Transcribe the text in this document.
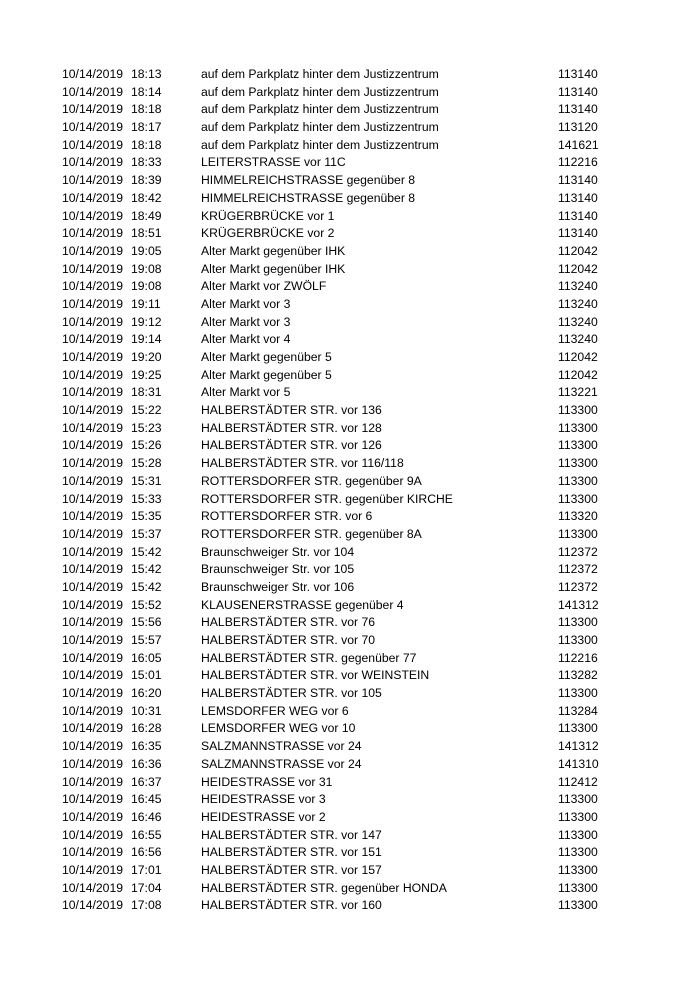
10/14/2019 18:13	auf dem Parkplatz hinter dem Justizzentrum	113140
10/14/2019 18:14	auf dem Parkplatz hinter dem Justizzentrum	113140
10/14/2019 18:18	auf dem Parkplatz hinter dem Justizzentrum	113140
10/14/2019 18:17	auf dem Parkplatz hinter dem Justizzentrum	113120
10/14/2019 18:18	auf dem Parkplatz hinter dem Justizzentrum	141621
10/14/2019 18:33	LEITERSTRASSE vor 11C	112216
10/14/2019 18:39	HIMMELREICHSTRASSE gegenüber 8	113140
10/14/2019 18:42	HIMMELREICHSTRASSE gegenüber 8	113140
10/14/2019 18:49	KRÜGERBRÜCKE vor 1	113140
10/14/2019 18:51	KRÜGERBRÜCKE vor 2	113140
10/14/2019 19:05	Alter Markt gegenüber IHK	112042
10/14/2019 19:08	Alter Markt gegenüber IHK	112042
10/14/2019 19:08	Alter Markt vor ZWÖLF	113240
10/14/2019 19:11	Alter Markt vor 3	113240
10/14/2019 19:12	Alter Markt vor 3	113240
10/14/2019 19:14	Alter Markt vor 4	113240
10/14/2019 19:20	Alter Markt gegenüber 5	112042
10/14/2019 19:25	Alter Markt gegenüber 5	112042
10/14/2019 18:31	Alter Markt vor 5	113221
10/14/2019 15:22	HALBERSTÄDTER STR. vor 136	113300
10/14/2019 15:23	HALBERSTÄDTER STR. vor 128	113300
10/14/2019 15:26	HALBERSTÄDTER STR. vor 126	113300
10/14/2019 15:28	HALBERSTÄDTER STR. vor 116/118	113300
10/14/2019 15:31	ROTTERSDORFER STR. gegenüber 9A	113300
10/14/2019 15:33	ROTTERSDORFER STR. gegenüber KIRCHE	113300
10/14/2019 15:35	ROTTERSDORFER STR. vor 6	113320
10/14/2019 15:37	ROTTERSDORFER STR. gegenüber 8A	113300
10/14/2019 15:42	Braunschweiger Str. vor 104	112372
10/14/2019 15:42	Braunschweiger Str. vor 105	112372
10/14/2019 15:42	Braunschweiger Str. vor 106	112372
10/14/2019 15:52	KLAUSENERSTRASSE gegenüber 4	141312
10/14/2019 15:56	HALBERSTÄDTER STR. vor 76	113300
10/14/2019 15:57	HALBERSTÄDTER STR. vor 70	113300
10/14/2019 16:05	HALBERSTÄDTER STR. gegenüber 77	112216
10/14/2019 15:01	HALBERSTÄDTER STR. vor WEINSTEIN	113282
10/14/2019 16:20	HALBERSTÄDTER STR. vor 105	113300
10/14/2019 10:31	LEMSDORFER WEG vor 6	113284
10/14/2019 16:28	LEMSDORFER WEG vor 10	113300
10/14/2019 16:35	SALZMANNSTRASSE vor 24	141312
10/14/2019 16:36	SALZMANNSTRASSE vor 24	141310
10/14/2019 16:37	HEIDESTRASSE vor 31	112412
10/14/2019 16:45	HEIDESTRASSE vor 3	113300
10/14/2019 16:46	HEIDESTRASSE vor 2	113300
10/14/2019 16:55	HALBERSTÄDTER STR. vor 147	113300
10/14/2019 16:56	HALBERSTÄDTER STR. vor 151	113300
10/14/2019 17:01	HALBERSTÄDTER STR. vor 157	113300
10/14/2019 17:04	HALBERSTÄDTER STR. gegenüber HONDA	113300
10/14/2019 17:08	HALBERSTÄDTER STR. vor 160	113300
